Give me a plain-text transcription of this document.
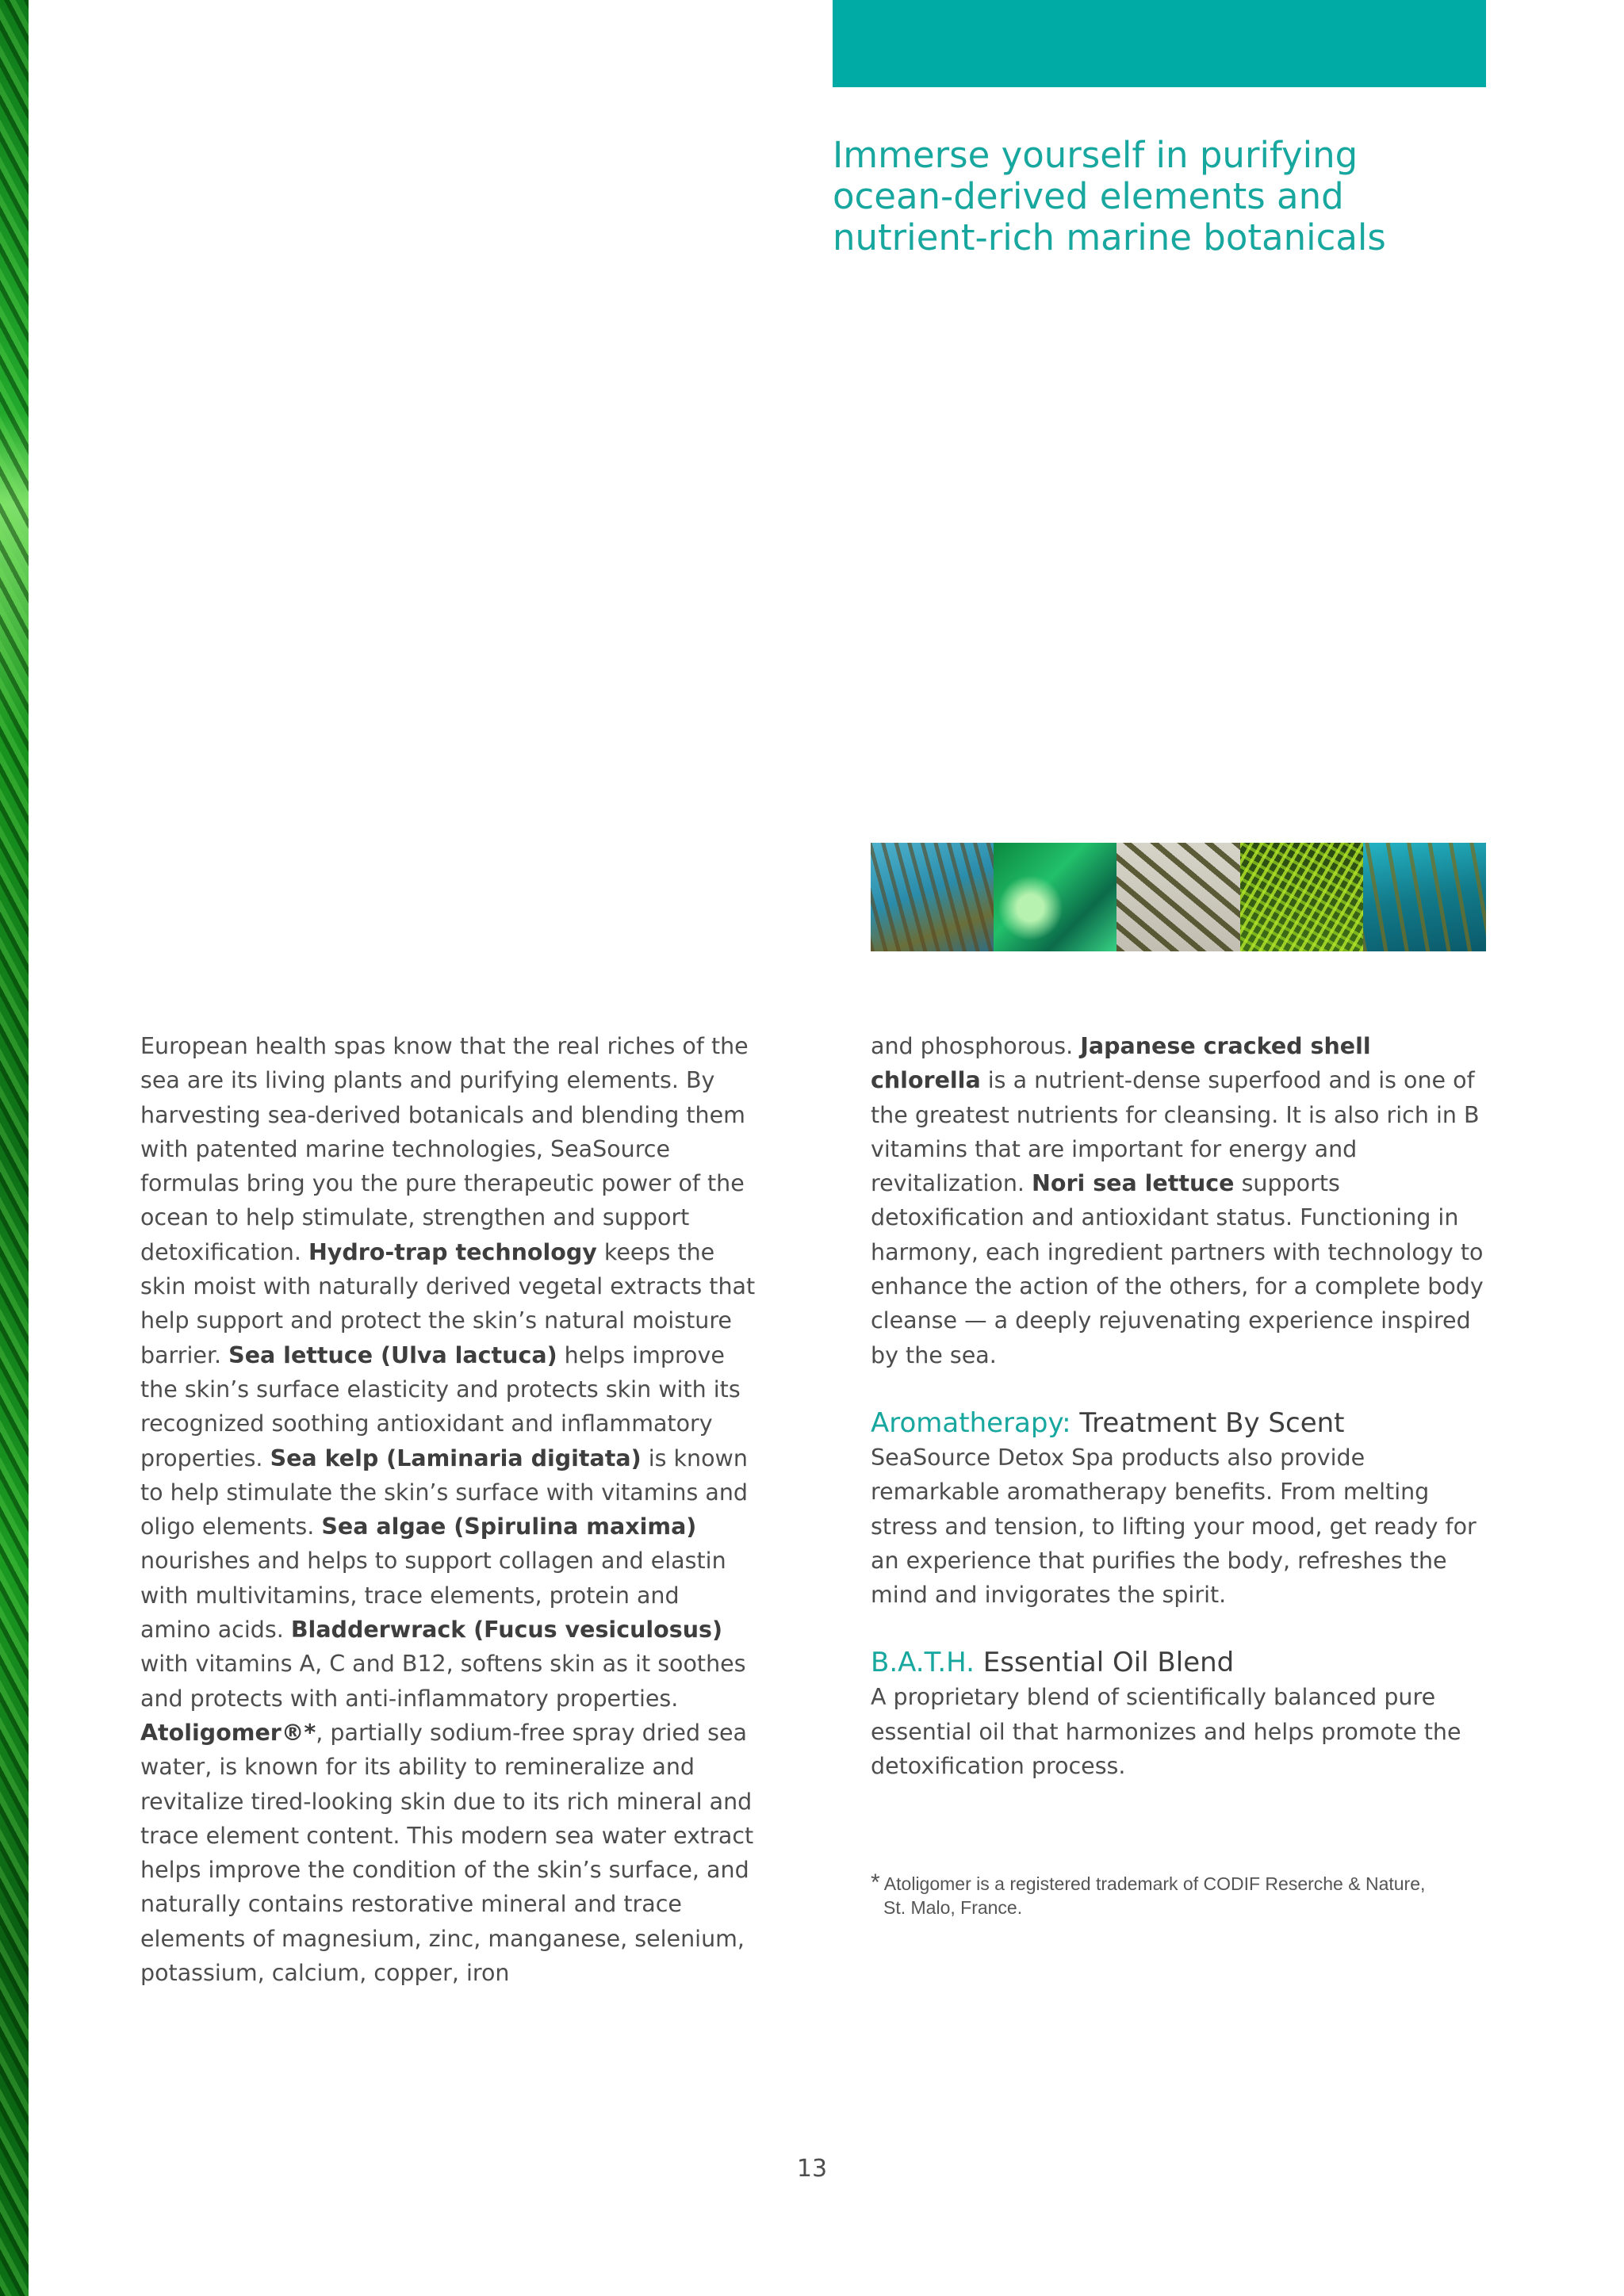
Immerse yourself in purifying ocean-derived elements and nutrient-rich marine botanicals

European health spas know that the real riches of the sea are its living plants and purifying elements. By harvesting sea-derived botanicals and blending them with patented marine technologies, SeaSource formulas bring you the pure therapeutic power of the ocean to help stimulate, strengthen and support detoxification. Hydro-trap technology keeps the skin moist with naturally derived vegetal extracts that help support and protect the skin’s natural moisture barrier. Sea lettuce (Ulva lactuca) helps improve the skin’s surface elasticity and protects skin with its recognized soothing antioxidant and inflammatory properties. Sea kelp (Laminaria digitata) is known to help stimulate the skin’s surface with vitamins and oligo elements. Sea algae (Spirulina maxima) nourishes and helps to support collagen and elastin with multivitamins, trace elements, protein and amino acids. Bladderwrack (Fucus vesiculosus) with vitamins A, C and B12, softens skin as it soothes and protects with anti-inflammatory properties. Atoligomer®*, partially sodium-free spray dried sea water, is known for its ability to remineralize and revitalize tired-looking skin due to its rich mineral and trace element content. This modern sea water extract helps improve the condition of the skin’s surface, and naturally contains restorative mineral and trace elements of magnesium, zinc, manganese, selenium, potassium, calcium, copper, iron

and phosphorous. Japanese cracked shell chlorella is a nutrient-dense superfood and is one of the greatest nutrients for cleansing. It is also rich in B vitamins that are important for energy and revitalization. Nori sea lettuce supports detoxification and antioxidant status. Functioning in harmony, each ingredient partners with technology to enhance the action of the others, for a complete body cleanse — a deeply rejuvenating experience inspired by the sea.

Aromatherapy: Treatment By Scent

SeaSource Detox Spa products also provide remarkable aromatherapy benefits. From melting stress and tension, to lifting your mood, get ready for an experience that purifies the body, refreshes the mind and invigorates the spirit.

B.A.T.H. Essential Oil Blend

A proprietary blend of scientifically balanced pure essential oil that harmonizes and helps promote the detoxification process.

* Atoligomer is a registered trademark of CODIF Reserche & Nature,
St. Malo, France.
13
